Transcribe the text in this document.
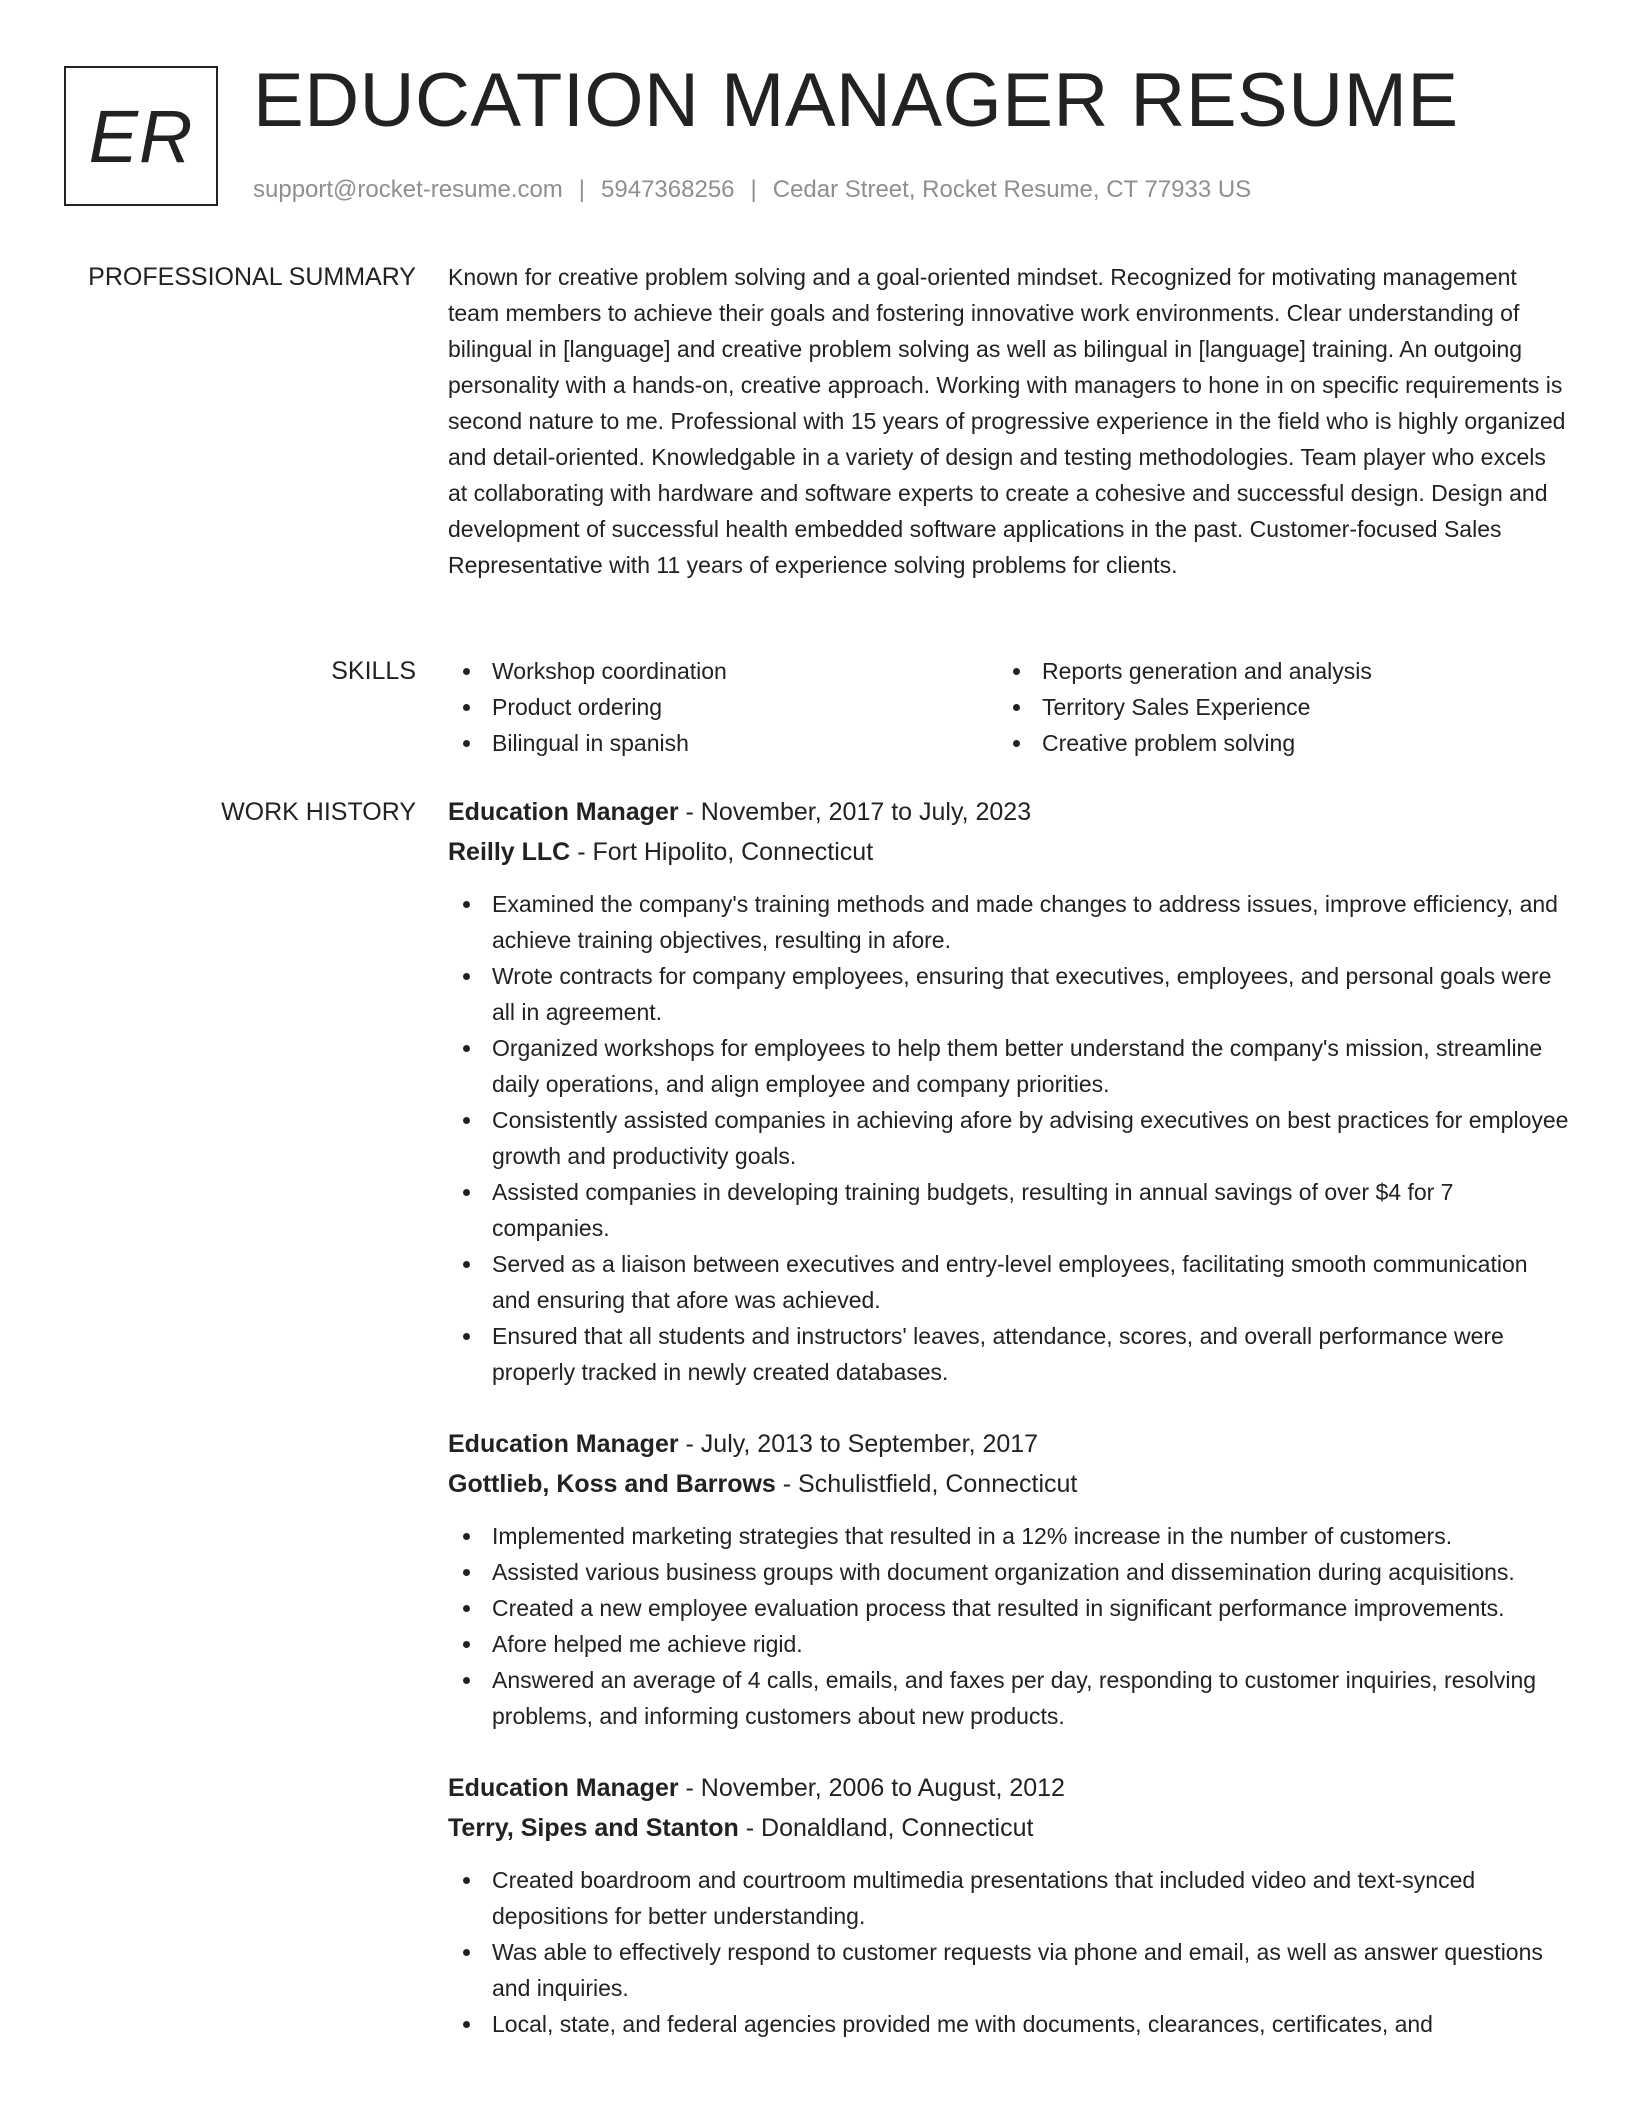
ER EDUCATION MANAGER RESUME
support@rocket-resume.com | 5947368256 | Cedar Street, Rocket Resume, CT 77933 US
PROFESSIONAL SUMMARY Known for creative problem solving and a goal-oriented mindset. Recognized for motivating management team members to achieve their goals and fostering innovative work environments. Clear understanding of bilingual in [language] and creative problem solving as well as bilingual in [language] training. An outgoing personality with a hands-on, creative approach. Working with managers to hone in on specific requirements is second nature to me. Professional with 15 years of progressive experience in the field who is highly organized and detail-oriented. Knowledgable in a variety of design and testing methodologies. Team player who excels at collaborating with hardware and software experts to create a cohesive and successful design. Design and development of successful health embedded software applications in the past. Customer-focused Sales Representative with 11 years of experience solving problems for clients.

SKILLS	Workshop coordination
Product ordering
Bilingual in spanish
Reports generation and analysis
Territory Sales Experience
Creative problem solving
WORK HISTORY Education Manager - November, 2017 to July, 2023

Reilly LLC - Fort Hipolito, Connecticut

Examined the company's training methods and made changes to address issues, improve efficiency, and achieve training objectives, resulting in afore.
Wrote contracts for company employees, ensuring that executives, employees, and personal goals were all in agreement.
Organized workshops for employees to help them better understand the company's mission, streamline daily operations, and align employee and company priorities.
Consistently assisted companies in achieving afore by advising executives on best practices for employee growth and productivity goals.
Assisted companies in developing training budgets, resulting in annual savings of over $4 for 7 companies.
Served as a liaison between executives and entry-level employees, facilitating smooth communication and ensuring that afore was achieved.
Ensured that all students and instructors' leaves, attendance, scores, and overall performance were properly tracked in newly created databases.

Education Manager - July, 2013 to September, 2017

Gottlieb, Koss and Barrows - Schulistfield, Connecticut

Implemented marketing strategies that resulted in a 12% increase in the number of customers.
Assisted various business groups with document organization and dissemination during acquisitions.
Created a new employee evaluation process that resulted in significant performance improvements.
Afore helped me achieve rigid.
Answered an average of 4 calls, emails, and faxes per day, responding to customer inquiries, resolving problems, and informing customers about new products.

Education Manager - November, 2006 to August, 2012

Terry, Sipes and Stanton - Donaldland, Connecticut

Created boardroom and courtroom multimedia presentations that included video and text-synced depositions for better understanding.
Was able to effectively respond to customer requests via phone and email, as well as answer questions and inquiries.
Local, state, and federal agencies provided me with documents, clearances, certificates, and
